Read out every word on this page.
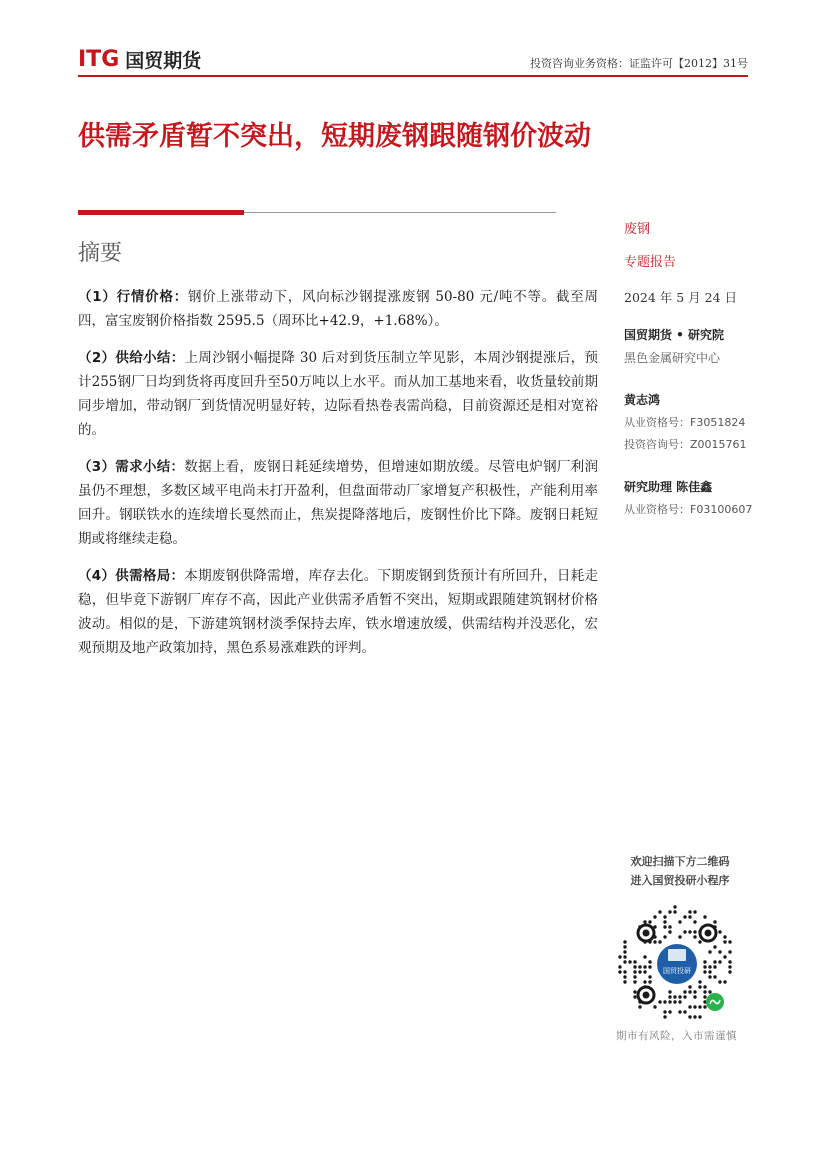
ITG 国贸期货	投资咨询业务资格：证监许可【2012】31号
供需矛盾暂不突出，短期废钢跟随钢价波动
摘要

（1）行情价格：钢价上涨带动下，风向标沙钢提涨废钢 50-80 元/吨不等。截至周四，富宝废钢价格指数 2595.5（周环比+42.9，+1.68%）。

（2）供给小结：上周沙钢小幅提降 30 后对到货压制立竿见影，本周沙钢提涨后，预计255钢厂日均到货将再度回升至50万吨以上水平。而从加工基地来看，收货量较前期同步增加，带动钢厂到货情况明显好转，边际看热卷表需尚稳，目前资源还是相对宽裕的。

（3）需求小结：数据上看，废钢日耗延续增势，但增速如期放缓。尽管电炉钢厂利润虽仍不理想，多数区域平电尚未打开盈利，但盘面带动厂家增复产积极性，产能利用率回升。钢联铁水的连续增长戛然而止，焦炭提降落地后，废钢性价比下降。废钢日耗短期或将继续走稳。

（4）供需格局：本期废钢供降需增，库存去化。下期废钢到货预计有所回升，日耗走稳，但毕竟下游钢厂库存不高，因此产业供需矛盾暂不突出，短期或跟随建筑钢材价格波动。相似的是，下游建筑钢材淡季保持去库，铁水增速放缓，供需结构并没恶化，宏观预期及地产政策加持，黑色系易涨难跌的评判。

废钢
专题报告
2024 年 5 月 24 日
国贸期货 • 研究院
黑色金属研究中心
黄志鸿
从业资格号：F3051824
投资咨询号：Z0015761
研究助理 陈佳鑫
从业资格号：F03100607
欢迎扫描下方二维码
进入国贸投研小程序
国贸投研
期市有风险，入市需谨慎
